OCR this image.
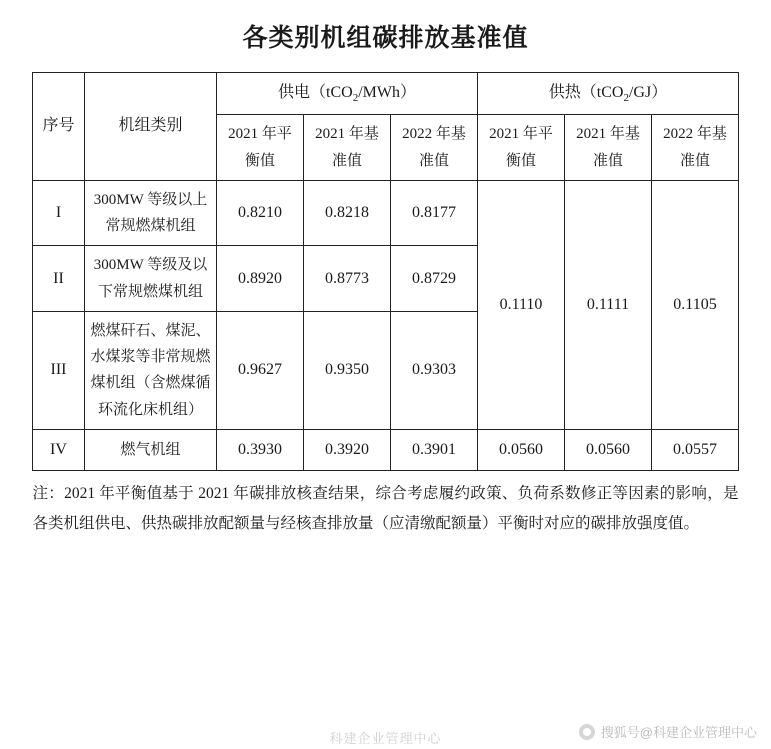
各类别机组碳排放基准值
序号	机组类别	供电（tCO$_2$/MWh）			供热（tCO$_2$/GJ）		
		2021 年平衡值	2021 年基准值	2022 年基准值	2021 年平衡值	2021 年基准值	2022 年基准值
I	300MW 等级以上常规燃煤机组	0.8210	0.8218	0.8177	0.1110	0.1111	0.1105
II	300MW 等级及以下常规燃煤机组	0.8920	0.8773	0.8729			
III	燃煤矸石、煤泥、水煤浆等非常规燃煤机组（含燃煤循环流化床机组）	0.9627	0.9350	0.9303			
IV	燃气机组	0.3930	0.3920	0.3901	0.0560	0.0560	0.0557
注：2021 年平衡值基于 2021 年碳排放核查结果，综合考虑履约政策、负荷系数修正等因素的影响，是各类机组供电、供热碳排放配额量与经核查排放量（应清缴配额量）平衡时对应的碳排放强度值。
科建企业管理中心	搜狐号@科建企业管理中心
